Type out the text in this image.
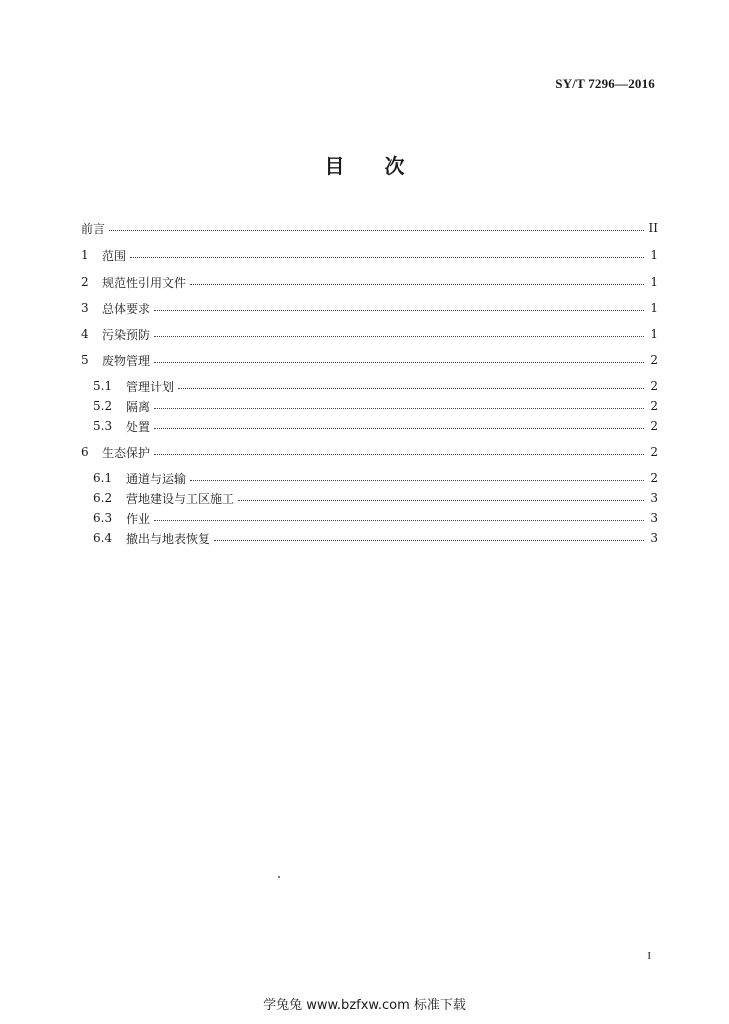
SY/T 7296—2016
目 次
前言	II
1	范围	1
2	规范性引用文件	1
3	总体要求	1
4	污染预防	1
5	废物管理	2
5.1	管理计划	2
5.2	隔离	2
5.3	处置	2
6	生态保护	2
6.1	通道与运输	2
6.2	营地建设与工区施工	3
6.3	作业	3
6.4	撤出与地表恢复	3
I
学兔兔 www.bzfxw.com 标准下载
